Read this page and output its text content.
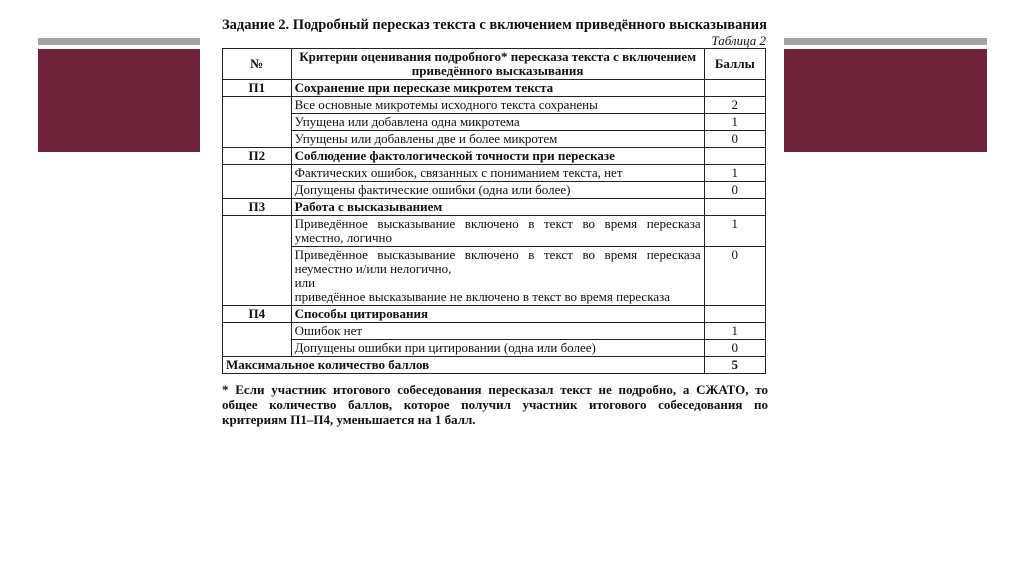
Задание 2. Подробный пересказ текста с включением приведённого высказывания

Таблица 2
№	Критерии оценивания подробного* пересказа текста с включением приведённого высказывания	Баллы
П1	Сохранение при пересказе микротем текста	
	Все основные микротемы исходного текста сохранены	2
	Упущена или добавлена одна микротема	1
	Упущены или добавлены две и более микротем	0
П2	Соблюдение фактологической точности при пересказе	
	Фактических ошибок, связанных с пониманием текста, нет	1
	Допущены фактические ошибки (одна или более)	0
П3	Работа с высказыванием	
	Приведённое высказывание включено в текст во время пересказа уместно, логично	1

	Приведённое высказывание включено в текст во время пересказа неуместно и/или нелогично,
или
приведённое высказывание не включено в текст во время пересказа	0
П4	Способы цитирования	
	Ошибок нет	1
	Допущены ошибки при цитировании (одна или более)	0
Максимальное количество баллов		5

* Если участник итогового собеседования пересказал текст не подробно, а СЖАТО, то общее количество баллов, которое получил участник итогового собеседования по критериям П1–П4, уменьшается на 1 балл.
